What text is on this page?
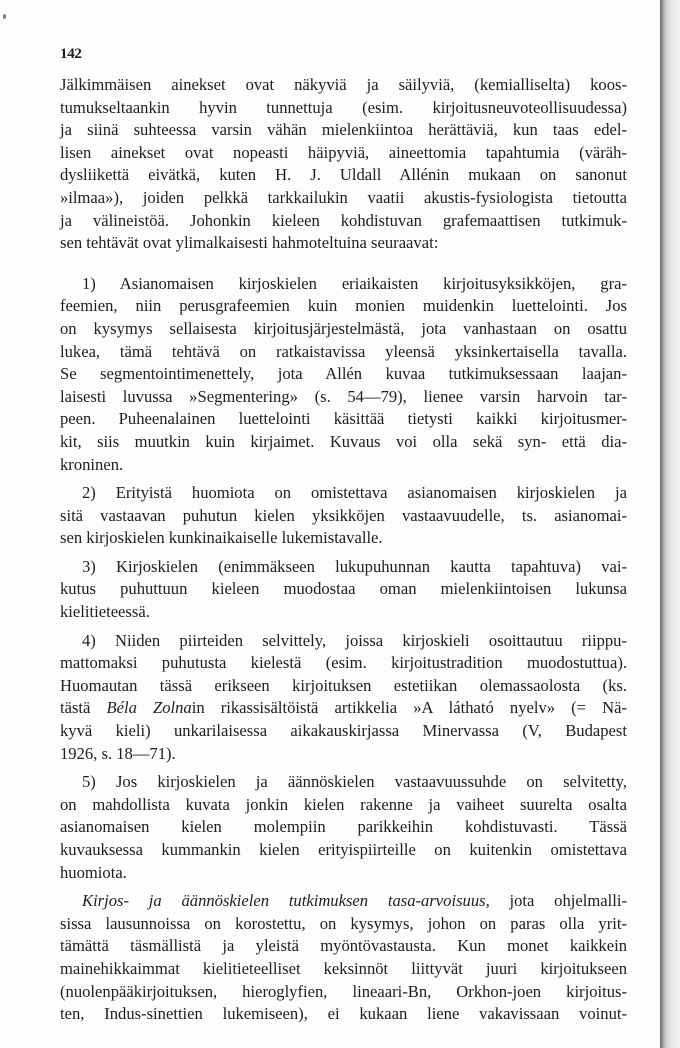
142
Jälkimmäisen ainekset ovat näkyviä ja säilyviä, (kemialliselta) koos-
tumukseltaankin hyvin tunnettuja (esim. kirjoitusneuvoteollisuudessa)
ja siinä suhteessa varsin vähän mielenkiintoa herättäviä, kun taas edel-
lisen ainekset ovat nopeasti häipyviä, aineettomia tapahtumia (väräh-
dysliikettä eivätkä, kuten H. J. Uldall Allénin mukaan on sanonut
»ilmaa»), joiden pelkkä tarkkailukin vaatii akustis-fysiologista tietoutta
ja välineistöä. Johonkin kieleen kohdistuvan grafemaattisen tutkimuk-
sen tehtävät ovat ylimalkaisesti hahmoteltuina seuraavat:
1) Asianomaisen kirjoskielen eriaikaisten kirjoitusyksikköjen, gra-
feemien, niin perusgrafeemien kuin monien muidenkin luettelointi. Jos
on kysymys sellaisesta kirjoitusjärjestelmästä, jota vanhastaan on osattu
lukea, tämä tehtävä on ratkaistavissa yleensä yksinkertaisella tavalla.
Se segmentointimenettely, jota Allén kuvaa tutkimuksessaan laajan-
laisesti luvussa »Segmentering» (s. 54—79), lienee varsin harvoin tar-
peen. Puheenalainen luettelointi käsittää tietysti kaikki kirjoitusmer-
kit, siis muutkin kuin kirjaimet. Kuvaus voi olla sekä syn- että dia-
kroninen.
2) Erityistä huomiota on omistettava asianomaisen kirjoskielen ja
sitä vastaavan puhutun kielen yksikköjen vastaavuudelle, ts. asianomai-
sen kirjoskielen kunkinaikaiselle lukemistavalle.
3) Kirjoskielen (enimmäkseen lukupuhunnan kautta tapahtuva) vai-
kutus puhuttuun kieleen muodostaa oman mielenkiintoisen lukunsa
kielitieteessä.
4) Niiden piirteiden selvittely, joissa kirjoskieli osoittautuu riippu-
mattomaksi puhutusta kielestä (esim. kirjoitustradition muodostuttua).
Huomautan tässä erikseen kirjoituksen estetiikan olemassaolosta (ks.
tästä Béla Zolnain rikassisältöistä artikkelia »A látható nyelv» (= Nä-
kyvä kieli) unkarilaisessa aikakauskirjassa Minervassa (V, Budapest
1926, s. 18—71).
5) Jos kirjoskielen ja äännöskielen vastaavuussuhde on selvitetty,
on mahdollista kuvata jonkin kielen rakenne ja vaiheet suurelta osalta
asianomaisen kielen molempiin parikkeihin kohdistuvasti. Tässä
kuvauksessa kummankin kielen erityispiirteille on kuitenkin omistettava
huomiota.
Kirjos- ja äännöskielen tutkimuksen tasa-arvoisuus, jota ohjelmalli-
sissa lausunnoissa on korostettu, on kysymys, johon on paras olla yrit-
tämättä täsmällistä ja yleistä myöntövastausta. Kun monet kaikkein
mainehikkaimmat kielitieteelliset keksinnöt liittyvät juuri kirjoitukseen
(nuolenpääkirjoituksen, hieroglyfien, lineaari-Bn, Orkhon-joen kirjoitus-
ten, Indus-sinettien lukemiseen), ei kukaan liene vakavissaan voinut-
